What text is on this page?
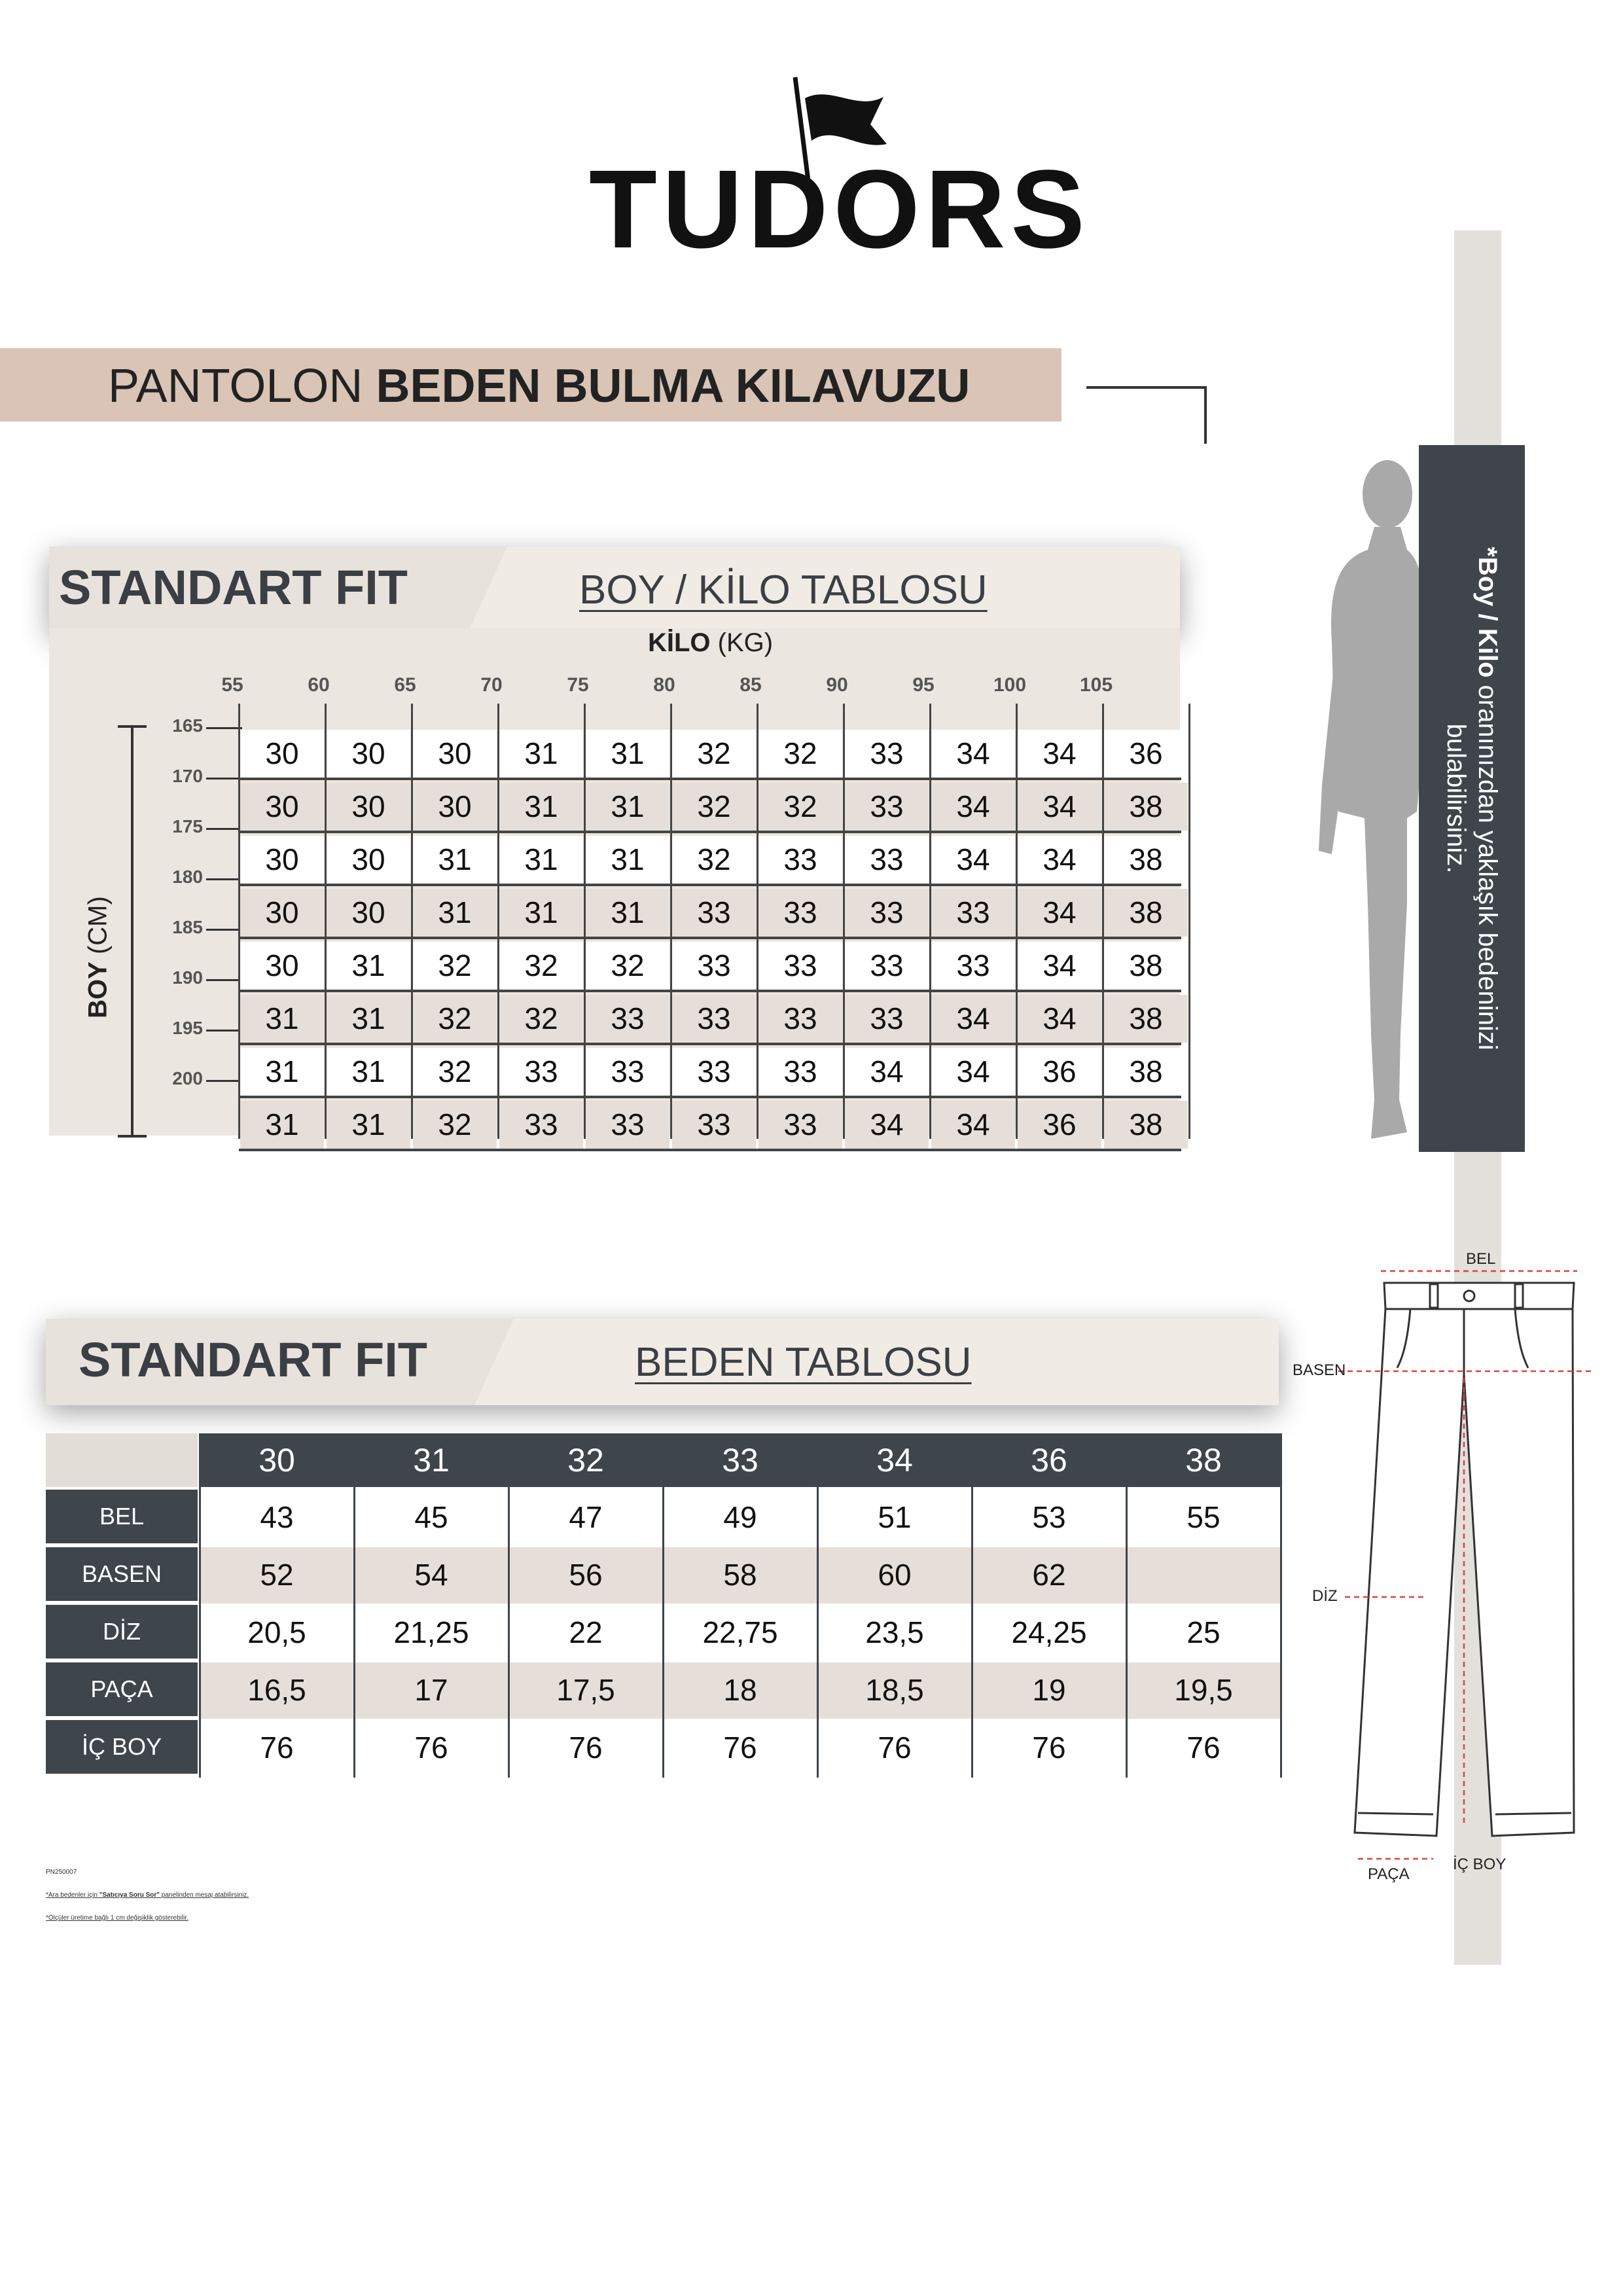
TUDORS
PANTOLON BEDEN BULMA KILAVUZU
*Boy / Kilo oranınızdan yaklaşık bedeninizi bulabilirsiniz.
STANDART FIT	BOY / KİLO TABLOSU
KİLO (KG)
55	60	65	70	75	80	85	90	95	100	105
165
170
175
180
185
190
195
200
BOY (CM)
30	30	30	31	31	32	32	33	34	34	36
30	30	30	31	31	32	32	33	34	34	38
30	30	31	31	31	32	33	33	34	34	38
30	30	31	31	31	33	33	33	33	34	38
30	31	32	32	32	33	33	33	33	34	38
31	31	32	32	33	33	33	33	34	34	38
31	31	32	33	33	33	33	34	34	36	38
31	31	32	33	33	33	33	34	34	36	38
STANDART FIT	BEDEN TABLOSU
30	31	32	33	34	36	38
BEL	43	45	47	49	51	53	55
BASEN	52	54	56	58	60	62
DİZ	20,5	21,25	22	22,75	23,5	24,25	25
PAÇA	16,5	17	17,5	18	18,5	19	19,5
İÇ BOY	76	76	76	76	76	76	76
BEL
BASEN
DİZ
PAÇA
İÇ BOY
PN250007
*Ara bedenler için "Satıcıya Soru Sor" panelinden mesaj atabilirsiniz.
*Ölçüler üretime bağlı 1 cm değişiklik gösterebilir.
